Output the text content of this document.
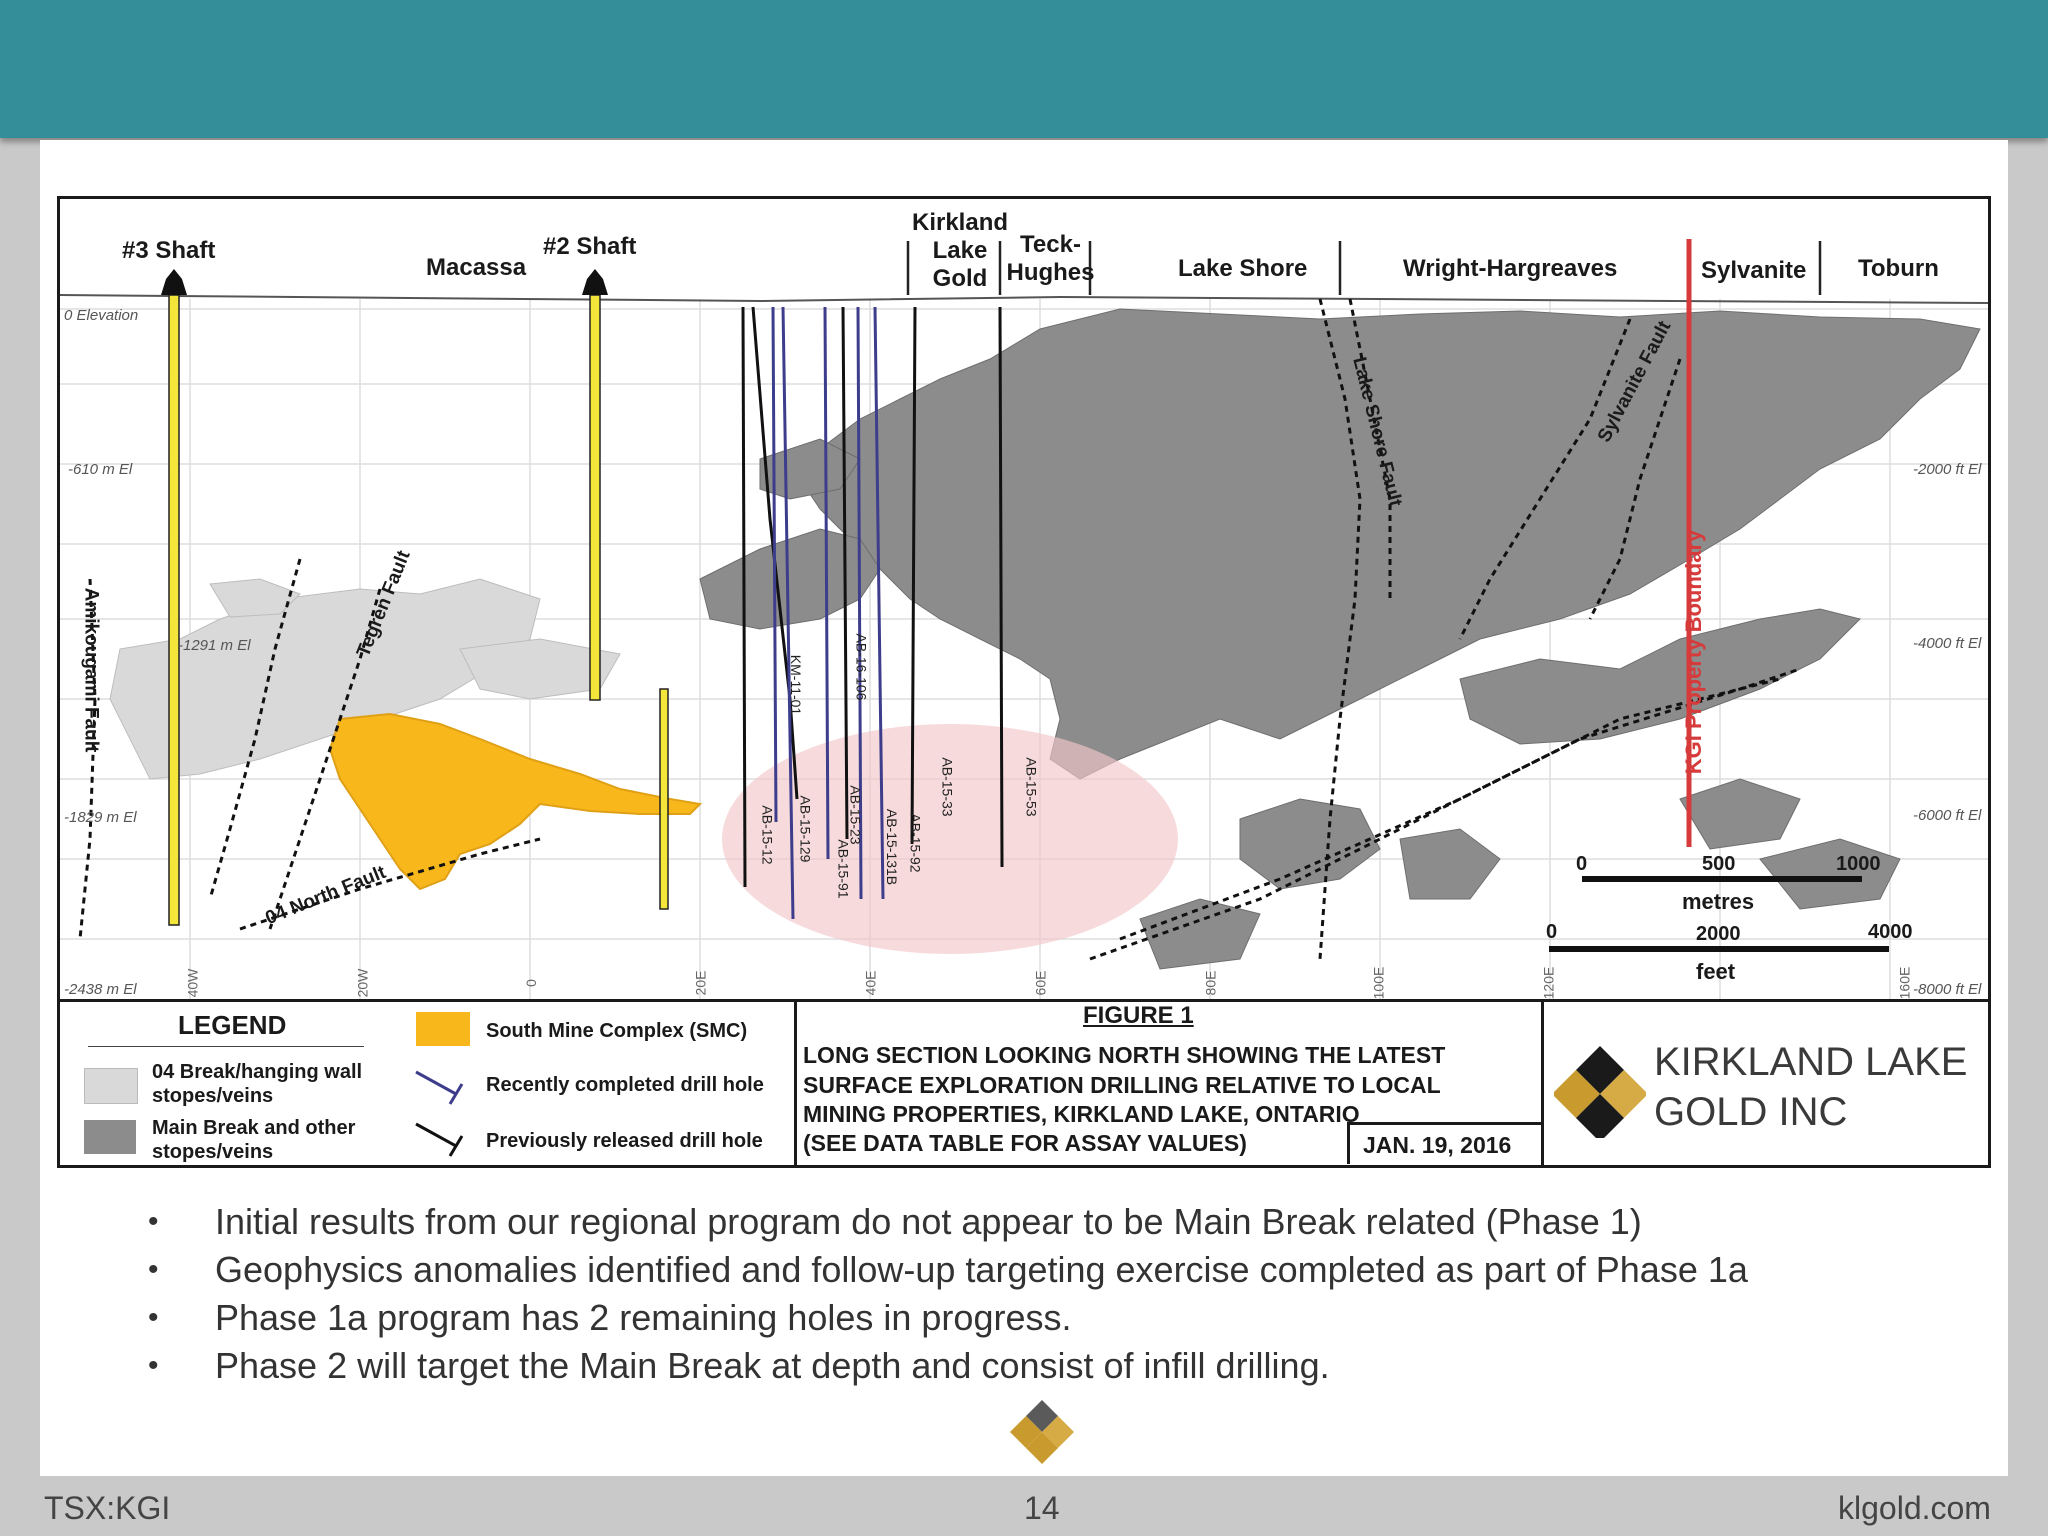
Macassa
Kirkland Lake Gold
Teck-Hughes	Lake Shore	Wright-Hargreaves	Sylvanite Toburn
#3 Shaft	#2 Shaft
0 Elevation
-610 m El
-1291 m El
-1829 m El
-2438 m El
-2000 ft El
-4000 ft El
-6000 ft El
-8000 ft El
40W	20W	0	20E	40E	60E	80E	100E	120E	160E
Amikougami Fault	Tegren Fault
04 North Fault
Lake Shore Fault	Sylvanite Fault
KGI Property Boundary
KM-11-01	AB-16-106
AB-15-12 AB-15-129
AB-15-91
AB-15-23 AB-15-131B AB-15-92
AB-15-33	AB-15-53
0	500	1000
metres
0	2000	4000
feet
LEGEND
04 Break/hanging wall stopes/veins
Main Break and other stopes/veins
South Mine Complex (SMC)
Recently completed drill hole
Previously released drill hole
FIGURE 1
LONG SECTION LOOKING NORTH SHOWING THE LATEST
SURFACE EXPLORATION DRILLING RELATIVE TO LOCAL
MINING PROPERTIES, KIRKLAND LAKE, ONTARIO
(SEE DATA TABLE FOR ASSAY VALUES)	JAN. 19, 2016
KIRKLAND LAKE
GOLD INC
• Initial results from our regional program do not appear to be Main Break related (Phase 1)
• Geophysics anomalies identified and follow-up targeting exercise completed as part of Phase 1a
• Phase 1a program has 2 remaining holes in progress.
• Phase 2 will target the Main Break at depth and consist of infill drilling.
TSX:KGI	14	klgold.com
